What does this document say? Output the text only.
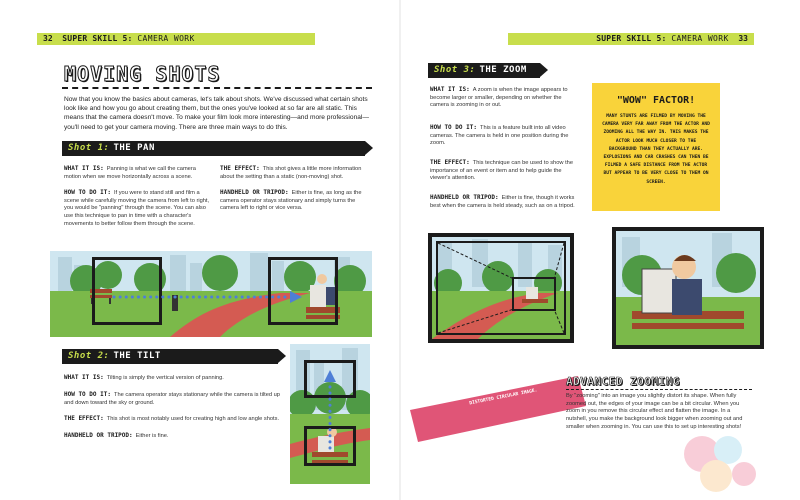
32 SUPER SKILL 5: CAMERA WORK	SUPER SKILL 5: CAMERA WORK 33
MOVING SHOTS
Now that you know the basics about cameras, let's talk about shots. We've discussed what certain shots look like and how you go about creating them, but the ones you've looked at so far are all static. This means that the camera doesn't move. To make your film look more interesting—and more professional—you'll need to get your camera moving. There are three main ways to do this.
Shot 1: THE PAN
WHAT IT IS: Panning is what we call the camera motion when we move horizontally across a scene.
HOW TO DO IT: If you were to stand still and film a scene while carefully moving the camera from left to right, you would be "panning" through the scene. You can also use this technique to pan in time with a character's movements to better follow them through the scene.
THE EFFECT: This shot gives a little more information about the setting than a static (non-moving) shot.
HANDHELD OR TRIPOD: Either is fine, as long as the camera operator stays stationary and simply turns the camera left to right or vice versa.
Shot 2: THE TILT
WHAT IT IS: Tilting is simply the vertical version of panning.
HOW TO DO IT: The camera operator stays stationary while the camera is tilted up and down toward the sky or ground.
THE EFFECT: This shot is most notably used for creating high and low angle shots.
HANDHELD OR TRIPOD: Either is fine.
Shot 3: THE ZOOM
WHAT IT IS: A zoom is when the image appears to become larger or smaller, depending on whether the camera is zooming in or out.
HOW TO DO IT: This is a feature built into all video cameras. The camera is held in one position during the zoom.
THE EFFECT: This technique can be used to show the importance of an event or item and to help guide the viewer's attention.
HANDHELD OR TRIPOD: Either is fine, though it works best when the camera is held steady, such as on a tripod.
"WOW" FACTOR!
MANY STUNTS ARE FILMED BY MOVING THE CAMERA VERY FAR AWAY FROM THE ACTOR AND ZOOMING ALL THE WAY IN. THIS MAKES THE ACTOR LOOK MUCH CLOSER TO THE BACKGROUND THAN THEY ACTUALLY ARE. EXPLOSIONS AND CAR CRASHES CAN THEN BE FILMED A SAFE DISTANCE FROM THE ACTOR BUT APPEAR TO BE VERY CLOSE TO THEM ON SCREEN.
SOME CAMERAS HAVE FISH-EYE MODES THAT ALLOW THEM TO ZOOM OUT TO ULTRA-WIDE SETTINGS, RESULTING IN A DISTORTED CIRCULAR IMAGE.
ADVANCED ZOOMING
By "zooming" into an image you slightly distort its shape. When fully zoomed out, the edges of your image can be a bit circular. When you zoom in you remove this circular effect and flatten the image. In a nutshell, you make the background look bigger when zooming out and smaller when zooming in. You can use this to set up interesting shots!
